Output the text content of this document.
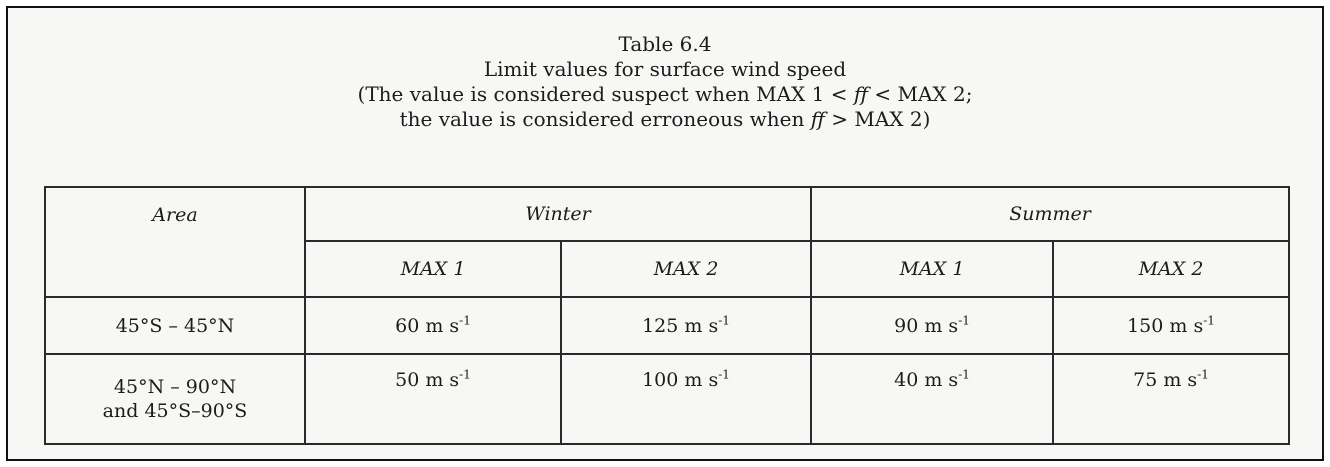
Table 6.4
Limit values for surface wind speed
(The value is considered suspect when MAX 1 < ff < MAX 2;
the value is considered erroneous when ff > MAX 2)
Area	Winter		Summer	
	MAX 1	MAX 2	MAX 1	MAX 2

45°S – 45°N	60 m $s^{-1}$	125 m $s^{-1}$	90 m $s^{-1}$	150 m $s^{-1}$

45°N – 90°N
and 45°S–90°S	50 m $s^{-1}$	100 m $s^{-1}$	40 m $s^{-1}$	75 m $s^{-1}$
